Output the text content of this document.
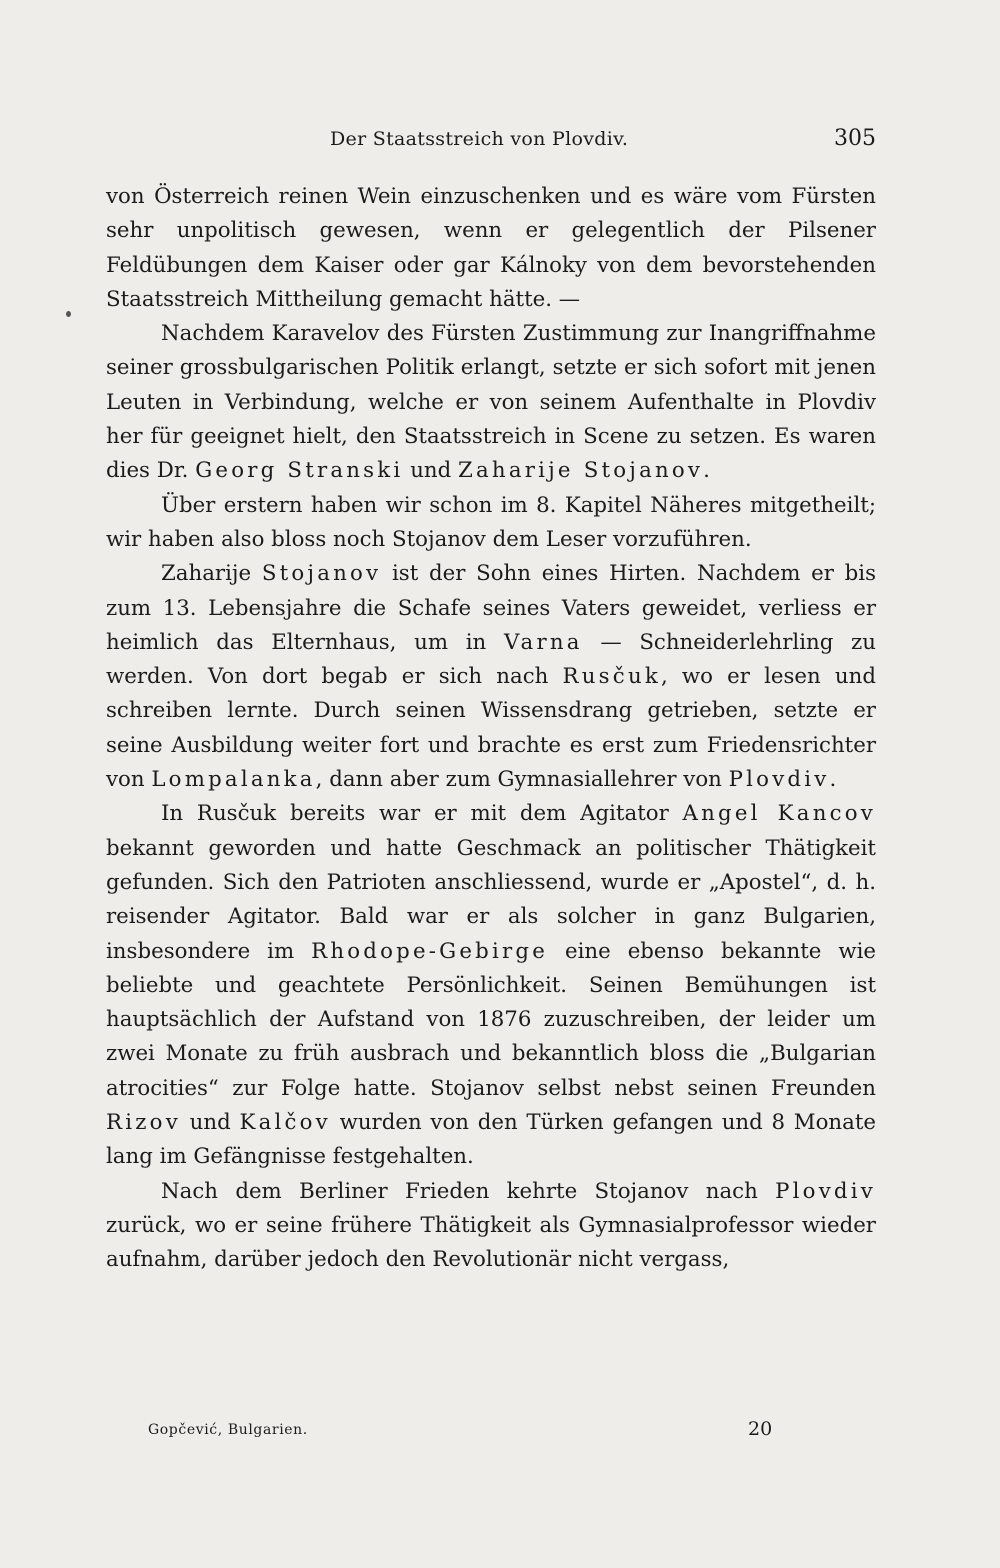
Der Staatsstreich von Plovdiv.	305

von Österreich reinen Wein einzuschenken und es wäre vom Fürsten sehr unpolitisch gewesen, wenn er gelegentlich der Pilsener Feldübungen dem Kaiser oder gar Kálnoky von dem bevorstehenden Staatsstreich Mittheilung gemacht hätte. —

Nachdem Karavelov des Fürsten Zustimmung zur Inangriffnahme seiner grossbulgarischen Politik erlangt, setzte er sich sofort mit jenen Leuten in Verbindung, welche er von seinem Aufenthalte in Plovdiv her für geeignet hielt, den Staatsstreich in Scene zu setzen. Es waren dies Dr. Georg Stranski und Zaharije Stojanov.

Über erstern haben wir schon im 8. Kapitel Näheres mitgetheilt; wir haben also bloss noch Stojanov dem Leser vorzuführen.

Zaharije Stojanov ist der Sohn eines Hirten. Nachdem er bis zum 13. Lebensjahre die Schafe seines Vaters geweidet, verliess er heimlich das Elternhaus, um in Varna — Schneiderlehrling zu werden. Von dort begab er sich nach Rusčuk, wo er lesen und schreiben lernte. Durch seinen Wissensdrang getrieben, setzte er seine Ausbildung weiter fort und brachte es erst zum Friedensrichter von Lompalanka, dann aber zum Gymnasiallehrer von Plovdiv.

In Rusčuk bereits war er mit dem Agitator Angel Kancov bekannt geworden und hatte Geschmack an politischer Thätigkeit gefunden. Sich den Patrioten anschliessend, wurde er „Apostel“, d. h. reisender Agitator. Bald war er als solcher in ganz Bulgarien, insbesondere im Rhodope-Gebirge eine ebenso bekannte wie beliebte und geachtete Persönlichkeit. Seinen Bemühungen ist hauptsächlich der Aufstand von 1876 zuzuschreiben, der leider um zwei Monate zu früh ausbrach und bekanntlich bloss die „Bulgarian atrocities“ zur Folge hatte. Stojanov selbst nebst seinen Freunden Rizov und Kalčov wurden von den Türken gefangen und 8 Monate lang im Gefängnisse festgehalten.

Nach dem Berliner Frieden kehrte Stojanov nach Plovdiv zurück, wo er seine frühere Thätigkeit als Gymnasialprofessor wieder aufnahm, darüber jedoch den Revolutionär nicht vergass,

Gopčević, Bulgarien.	20
